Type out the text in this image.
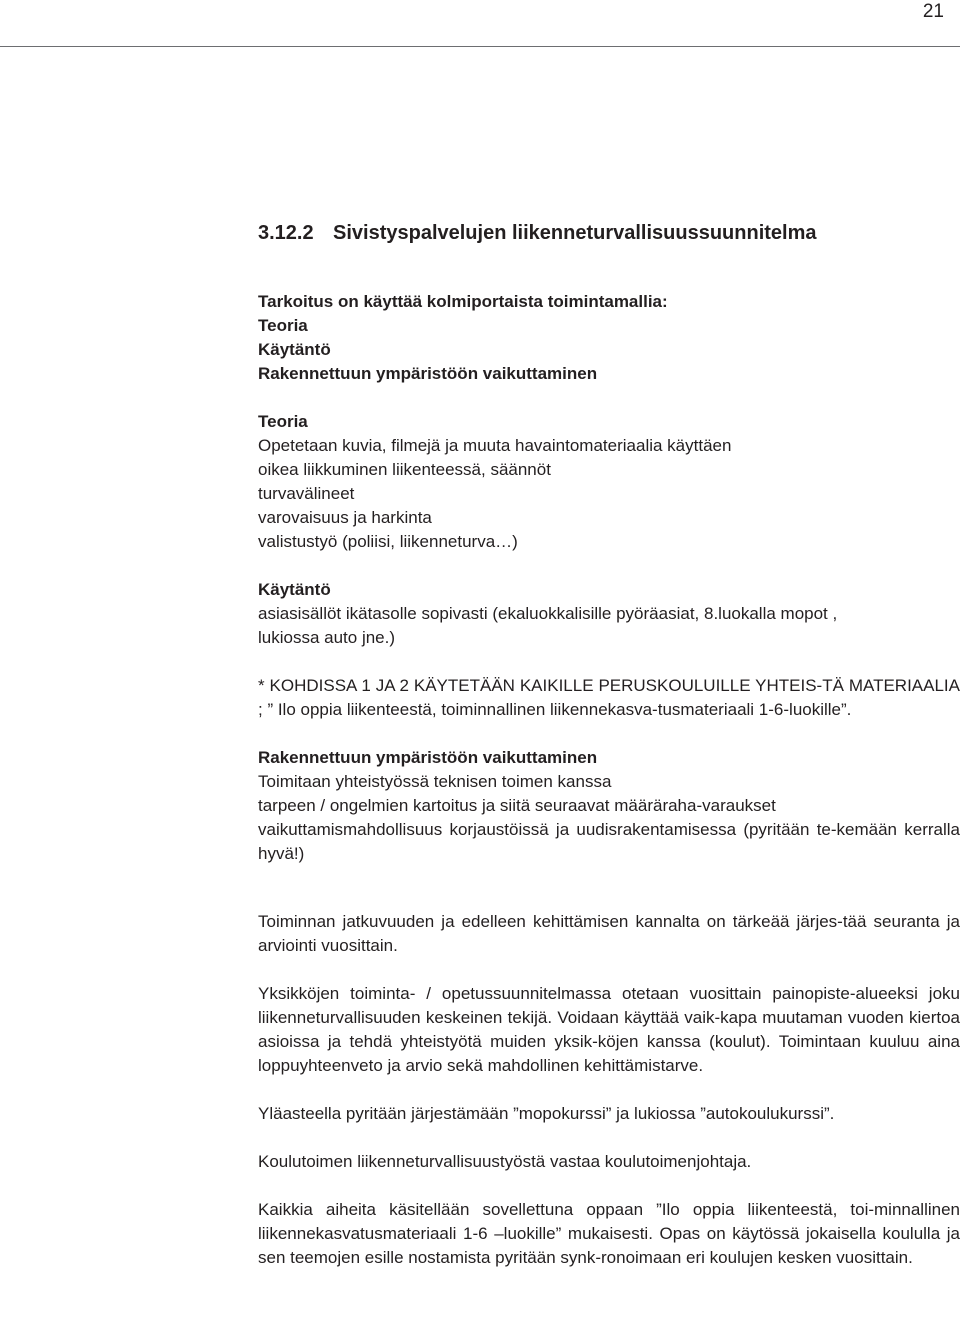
21
3.12.2 Sivistyspalvelujen liikenneturvallisuussuunnitelma
Tarkoitus on käyttää kolmiportaista toimintamallia:
Teoria
Käytäntö
Rakennettuun ympäristöön vaikuttaminen
Teoria
Opetetaan kuvia, filmejä ja muuta havaintomateriaalia käyttäen
oikea liikkuminen liikenteessä, säännöt
turvavälineet
varovaisuus ja harkinta
valistustyö (poliisi, liikenneturva…)
Käytäntö
asiasisällöt ikätasolle sopivasti (ekaluokkalisille pyöräasiat, 8.luokalla mopot , lukiossa auto jne.)
* KOHDISSA 1 JA 2 KÄYTETÄÄN KAIKILLE PERUSKOULUILLE YHTEIS-TÄ MATERIAALIA ; ” Ilo oppia liikenteestä, toiminnallinen liikennekasva-tusmateriaali 1-6-luokille”.
Rakennettuun ympäristöön vaikuttaminen
Toimitaan yhteistyössä teknisen toimen kanssa
tarpeen / ongelmien kartoitus ja siitä seuraavat määräraha-varaukset
vaikuttamismahdollisuus korjaustöissä ja uudisrakentamisessa (pyritään te-kemään kerralla hyvä!)

Toiminnan jatkuvuuden ja edelleen kehittämisen kannalta on tärkeää järjes-tää seuranta ja arviointi vuosittain.

Yksikköjen toiminta- / opetussuunnitelmassa otetaan vuosittain painopiste-alueeksi joku liikenneturvallisuuden keskeinen tekijä. Voidaan käyttää vaik-kapa muutaman vuoden kiertoa asioissa ja tehdä yhteistyötä muiden yksik-köjen kanssa (koulut). Toimintaan kuuluu aina loppuyhteenveto ja arvio sekä mahdollinen kehittämistarve.

Yläasteella pyritään järjestämään ”mopokurssi” ja lukiossa ”autokoulukurssi”.

Koulutoimen liikenneturvallisuustyöstä vastaa koulutoimenjohtaja.

Kaikkia aiheita käsitellään sovellettuna oppaan ”Ilo oppia liikenteestä, toi-minnallinen liikennekasvatusmateriaali 1-6 –luokille” mukaisesti. Opas on käytössä jokaisella koululla ja sen teemojen esille nostamista pyritään synk-ronoimaan eri koulujen kesken vuosittain.
